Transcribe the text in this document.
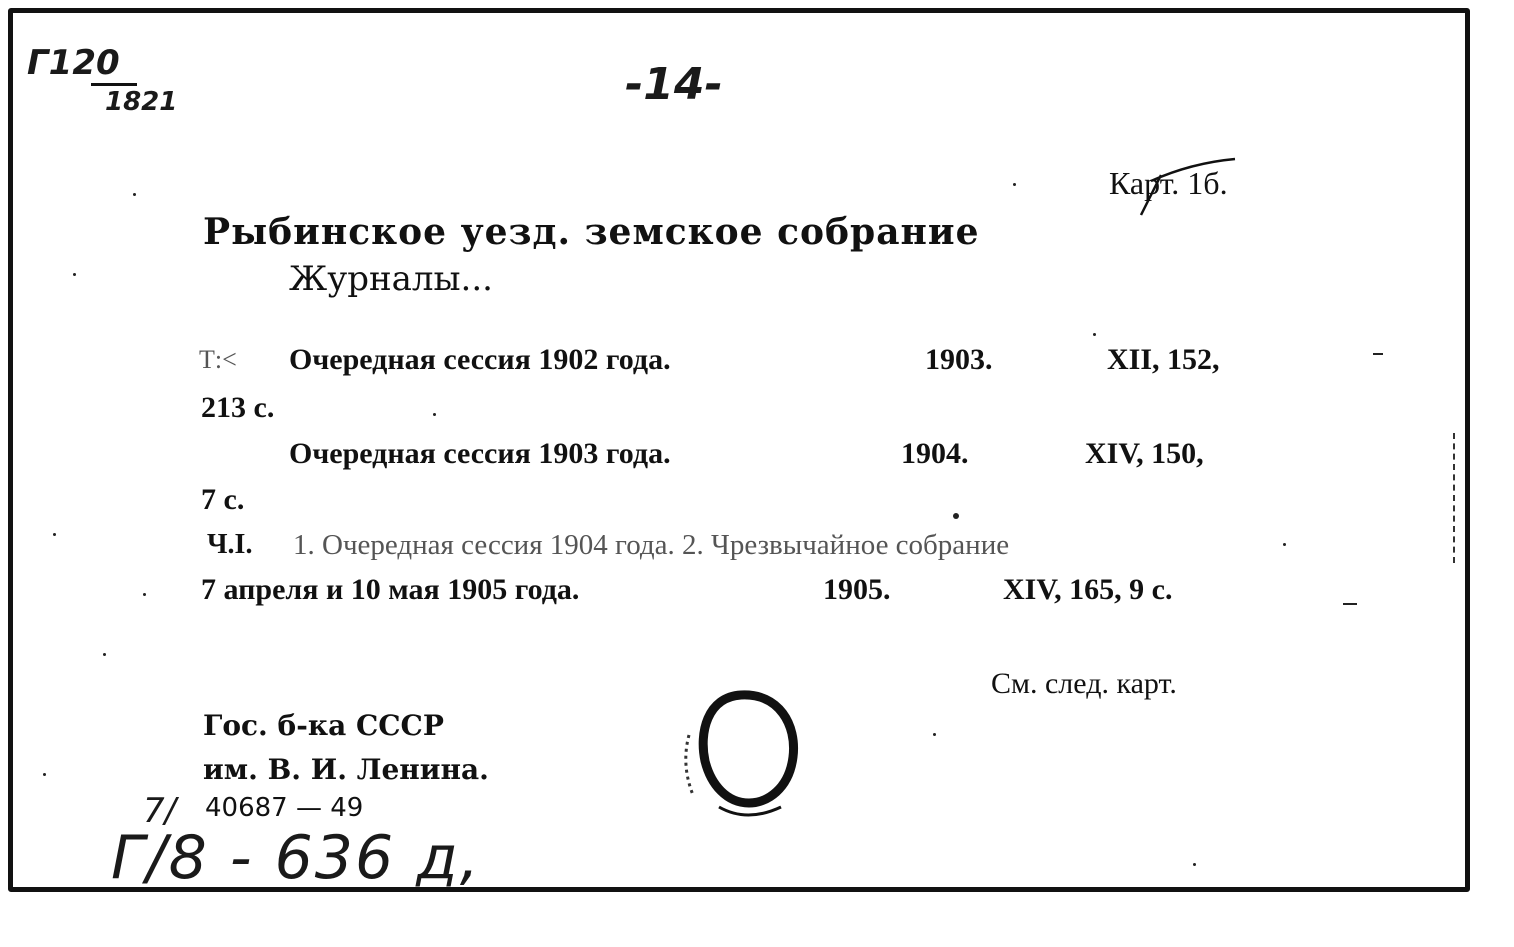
Г120
1821	-14-
Карт. 1б.
Рыбинское уезд. земское собрание
Журналы...
Т:< Очередная сессия 1902 года.	1903.	XII, 152,
213 с.
Очередная сессия 1903 года.	1904.	XIV, 150,
7 с.
Ч.I. 1. Очередная сессия 1904 года. 2. Чрезвычайное собрание
7 апреля и 10 мая 1905 года.	1905.	XIV, 165, 9 с.
См. след. карт.
Гос. б-ка СССР
им. В. И. Ленина.
40687 — 49
7/
Г/8 - 636 д,
